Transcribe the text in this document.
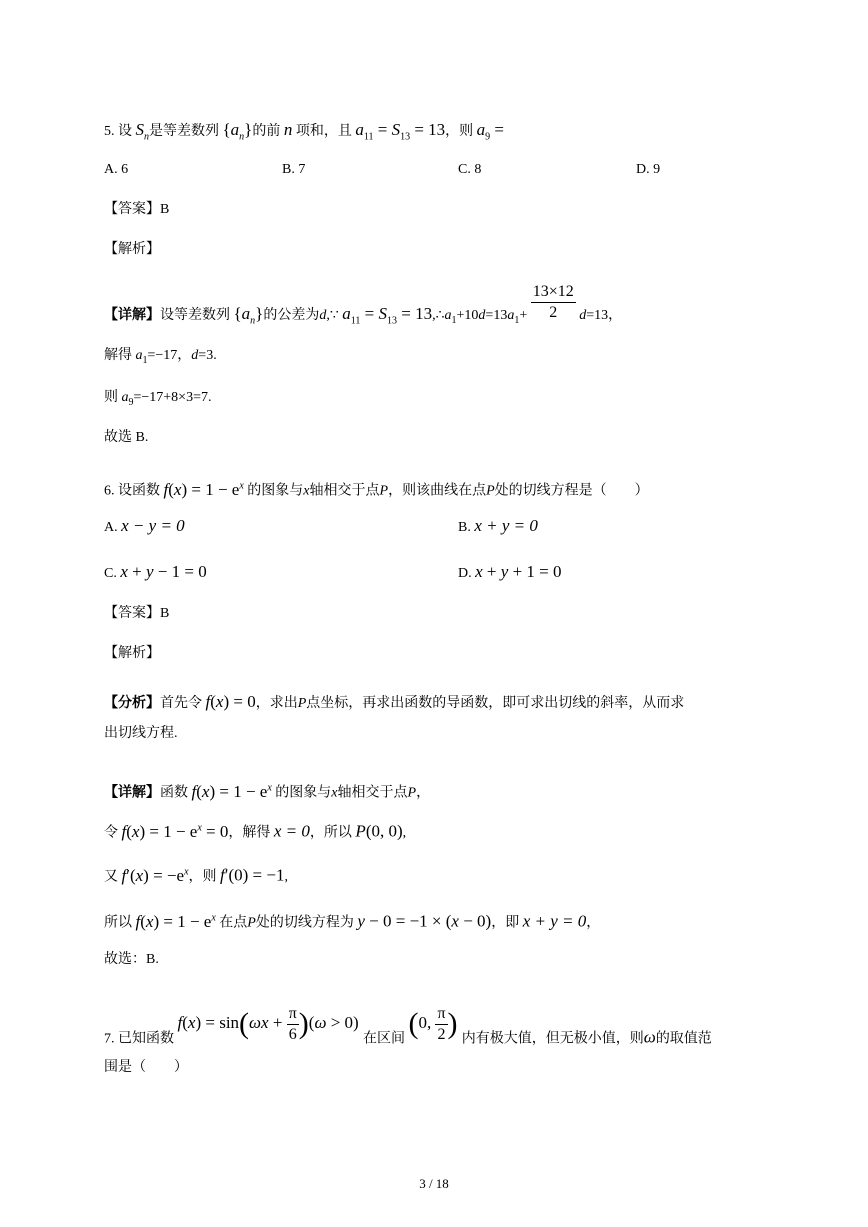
5. 设 $S_n$是等差数列 $\{a_n\}$的前 n 项和，且 $a_{11} = S_{13} = 13$，则 $a_9$ =
A. 6	B. 7	C. 8	D. 9
【答案】B
【解析】
【详解】设等差数列 $\{a_n\}$的公差为d,∵ $a_{11} = S_{13}$ = $13,\therefore a_1+10d=13a_1+ \frac{13\times 12}{2} d=13$，
解得 $a_1=-17$，d=3.
则 $a_9=-17+8\times 3=7$.
故选 B.
6. 设函数 $f(x) = 1 - e^x$ 的图象与x轴相交于点P，则该曲线在点P处的切线方程是（　　）
A. x − y = 0	B. x + y = 0
C. x + y − 1 = 0	D. x + y + 1 = 0
【答案】B
【解析】
【分析】首先令 f(x) = 0，求出P点坐标，再求出函数的导函数，即可求出切线的斜率，从而求
出切线方程.
【详解】函数 $f(x) = 1 - e^x$ 的图象与x轴相交于点P，
令 $f(x) = 1 - e^x = 0$，解得 x = 0，所以 P(0, 0),
又 $f'(x) = -e^x$，则 f′(0) = −1,
所以 $f(x) = 1 - e^x$ 在点P处的切线方程为 y − 0 = −1 × (x − 0)，即 x + y = 0，
故选：B.
7. 已知函数 $f(x) = \sin(\omega x + \frac{\pi}{6} )(\omega > 0)$ 在区间 (0, $\frac{\pi}{2}$ ) 内有极大值，但无极小值，则ω的取值范
围是（　　）
3 / 18
